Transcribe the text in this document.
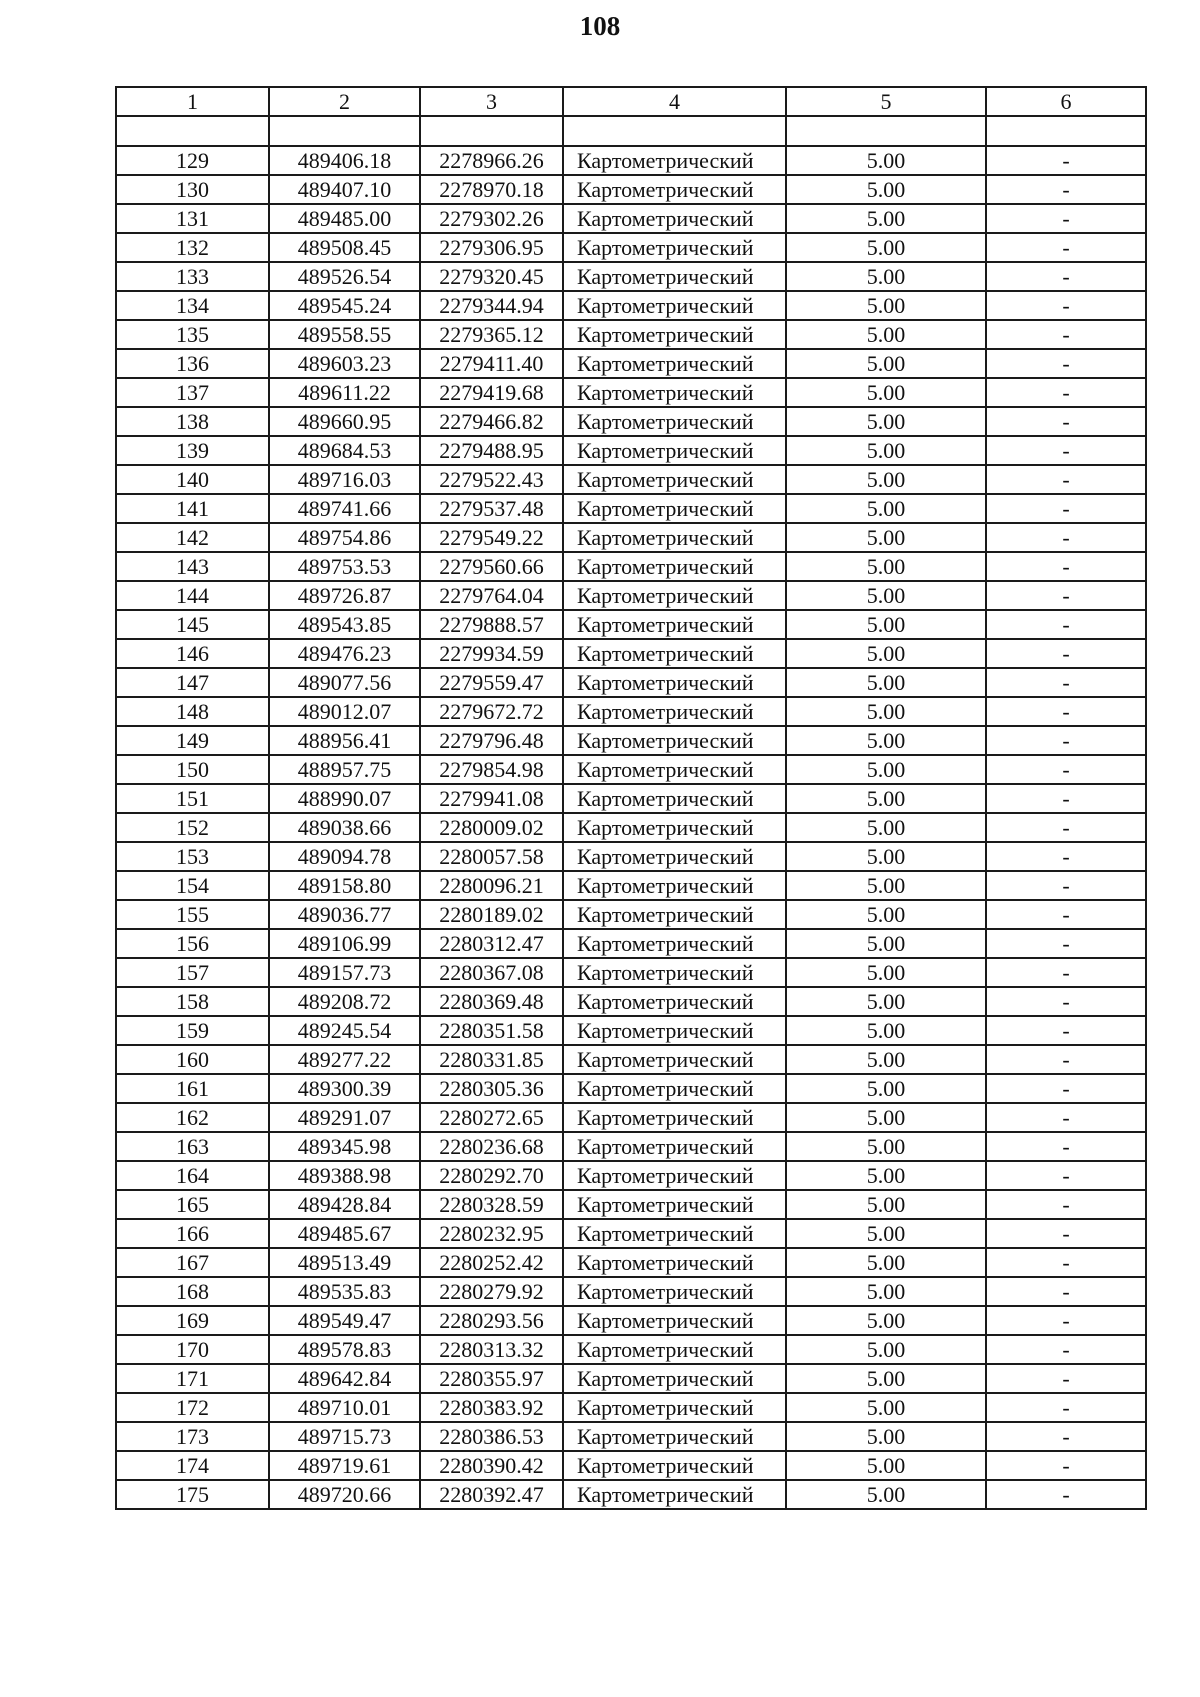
108
1	2	3	4	5	6

129	489406.18	2278966.26	Картометрический	5.00	-
130	489407.10	2278970.18	Картометрический	5.00	-
131	489485.00	2279302.26	Картометрический	5.00	-
132	489508.45	2279306.95	Картометрический	5.00	-
133	489526.54	2279320.45	Картометрический	5.00	-
134	489545.24	2279344.94	Картометрический	5.00	-
135	489558.55	2279365.12	Картометрический	5.00	-
136	489603.23	2279411.40	Картометрический	5.00	-
137	489611.22	2279419.68	Картометрический	5.00	-
138	489660.95	2279466.82	Картометрический	5.00	-
139	489684.53	2279488.95	Картометрический	5.00	-
140	489716.03	2279522.43	Картометрический	5.00	-
141	489741.66	2279537.48	Картометрический	5.00	-
142	489754.86	2279549.22	Картометрический	5.00	-
143	489753.53	2279560.66	Картометрический	5.00	-
144	489726.87	2279764.04	Картометрический	5.00	-
145	489543.85	2279888.57	Картометрический	5.00	-
146	489476.23	2279934.59	Картометрический	5.00	-
147	489077.56	2279559.47	Картометрический	5.00	-
148	489012.07	2279672.72	Картометрический	5.00	-
149	488956.41	2279796.48	Картометрический	5.00	-
150	488957.75	2279854.98	Картометрический	5.00	-
151	488990.07	2279941.08	Картометрический	5.00	-
152	489038.66	2280009.02	Картометрический	5.00	-
153	489094.78	2280057.58	Картометрический	5.00	-
154	489158.80	2280096.21	Картометрический	5.00	-
155	489036.77	2280189.02	Картометрический	5.00	-
156	489106.99	2280312.47	Картометрический	5.00	-
157	489157.73	2280367.08	Картометрический	5.00	-
158	489208.72	2280369.48	Картометрический	5.00	-
159	489245.54	2280351.58	Картометрический	5.00	-
160	489277.22	2280331.85	Картометрический	5.00	-
161	489300.39	2280305.36	Картометрический	5.00	-
162	489291.07	2280272.65	Картометрический	5.00	-
163	489345.98	2280236.68	Картометрический	5.00	-
164	489388.98	2280292.70	Картометрический	5.00	-
165	489428.84	2280328.59	Картометрический	5.00	-
166	489485.67	2280232.95	Картометрический	5.00	-
167	489513.49	2280252.42	Картометрический	5.00	-
168	489535.83	2280279.92	Картометрический	5.00	-
169	489549.47	2280293.56	Картометрический	5.00	-
170	489578.83	2280313.32	Картометрический	5.00	-
171	489642.84	2280355.97	Картометрический	5.00	-
172	489710.01	2280383.92	Картометрический	5.00	-
173	489715.73	2280386.53	Картометрический	5.00	-
174	489719.61	2280390.42	Картометрический	5.00	-
175	489720.66	2280392.47	Картометрический	5.00	-
